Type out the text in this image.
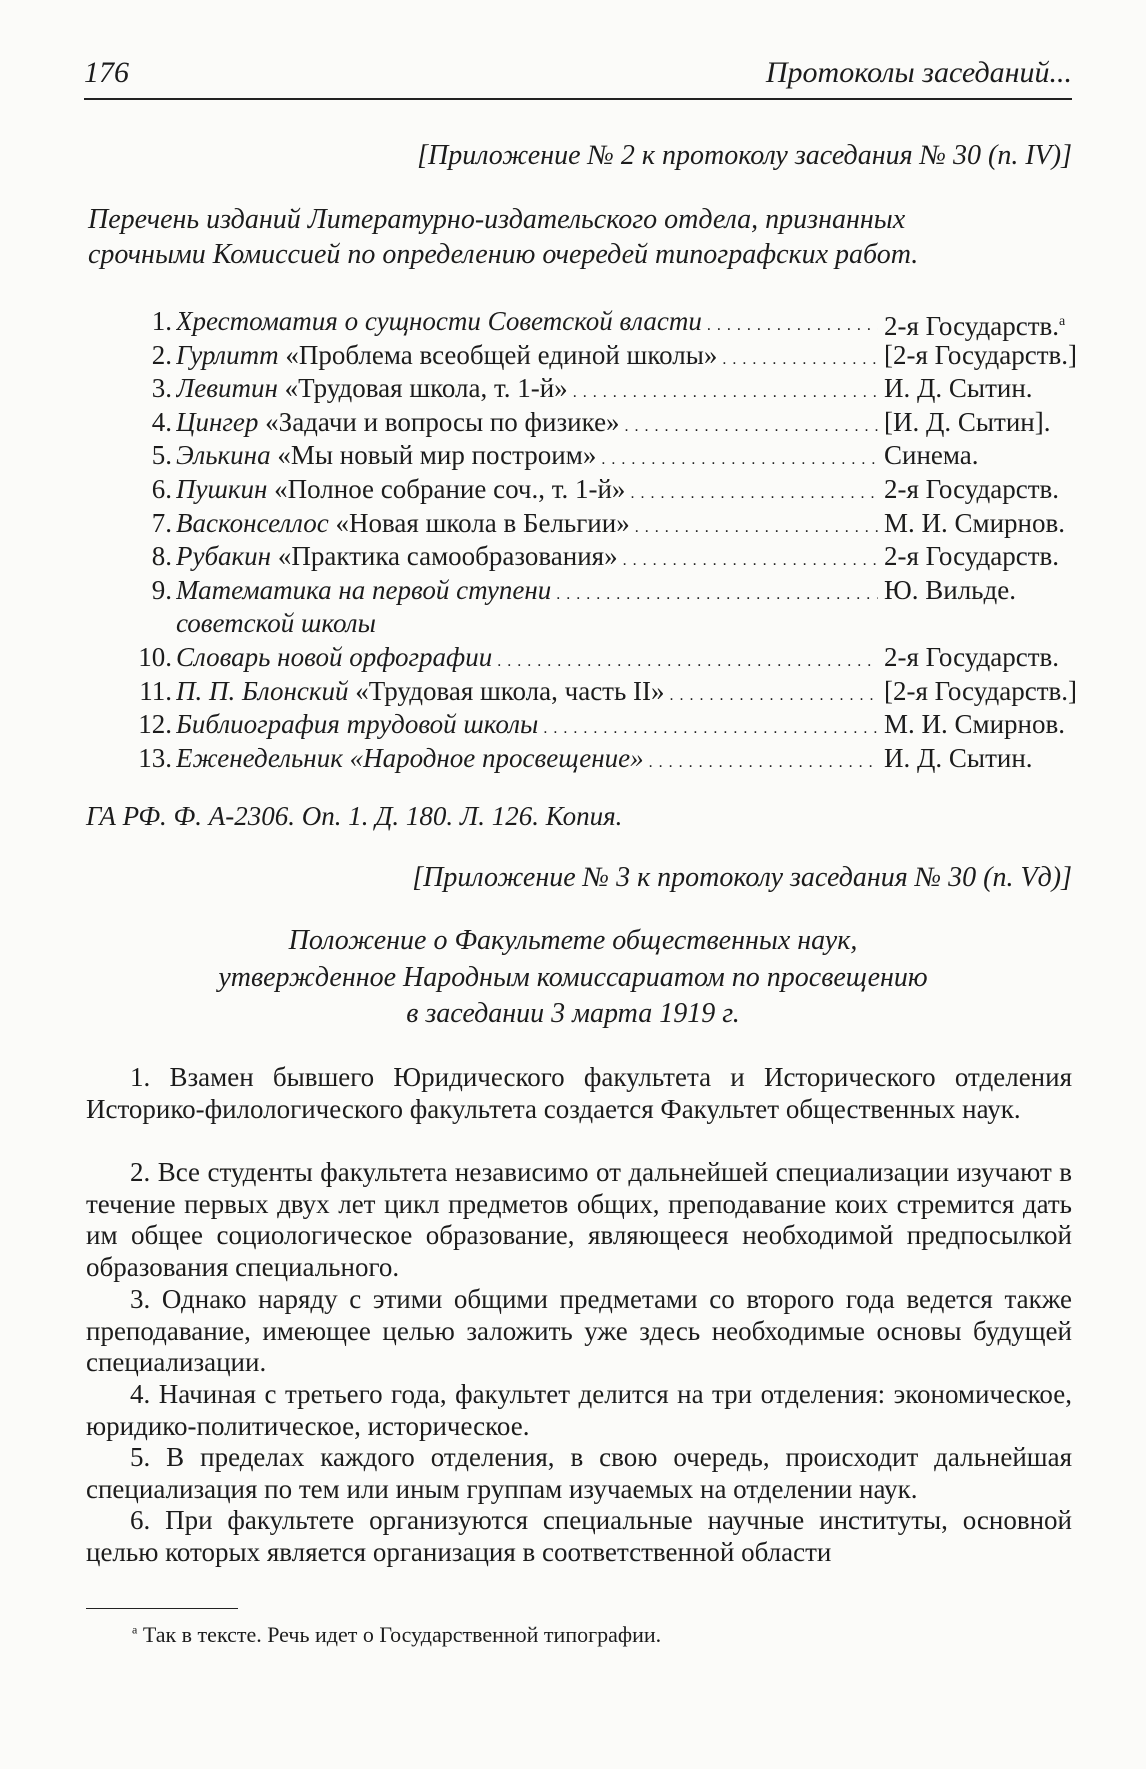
176	Протоколы заседаний...
[Приложение № 2 к протоколу заседания № 30 (п. IV)]
Перечень изданий Литературно-издательского отдела, признанных
срочными Комиссией по определению очередей типографских работ.
1. Хрестоматия о сущности Советской власти . . .	2-я Государств.$^а$
2. Гурлитт «Проблема всеобщей единой школы» . . .	[2-я Государств.]
3. Левитин «Трудовая школа, т. 1-й» . . .	И. Д. Сытин.
4. Цингер «Задачи и вопросы по физике» . . .	[И. Д. Сытин].
5. Элькина «Мы новый мир построим» . . .	Синема.
6. Пушкин «Полное собрание соч., т. 1-й» . . .	2-я Государств.
7. Васконселлос «Новая школа в Бельгии» . . .	М. И. Смирнов.
8. Рубакин «Практика самообразования» . . .	2-я Государств.
9. Математика на первой ступени . . .	Ю. Вильде.
советской школы
10. Словарь новой орфографии . . .	2-я Государств.
11. П. П. Блонский «Трудовая школа, часть II» . . .	[2-я Государств.]
12. Библиография трудовой школы . . .	М. И. Смирнов.
13. Еженедельник «Народное просвещение» . . .	И. Д. Сытин.
ГА РФ. Ф. А-2306. Оп. 1. Д. 180. Л. 126. Копия.
[Приложение № 3 к протоколу заседания № 30 (п. Vд)]
Положение о Факультете общественных наук,
утвержденное Народным комиссариатом по просвещению
в заседании 3 марта 1919 г.
1. Взамен бывшего Юридического факультета и Исторического отделения Историко-филологического факультета создается Факультет общественных наук.
2. Все студенты факультета независимо от дальнейшей специализации изучают в течение первых двух лет цикл предметов общих, преподавание коих стремится дать им общее социологическое образование, являющееся необходимой предпосылкой образования специального.
3. Однако наряду с этими общими предметами со второго года ведется также преподавание, имеющее целью заложить уже здесь необходимые основы будущей специализации.
4. Начиная с третьего года, факультет делится на три отделения: экономическое, юридико-политическое, историческое.
5. В пределах каждого отделения, в свою очередь, происходит дальнейшая специализация по тем или иным группам изучаемых на отделении наук.
6. При факультете организуются специальные научные институты, основной целью которых является организация в соответственной области
$^а$ Так в тексте. Речь идет о Государственной типографии.
